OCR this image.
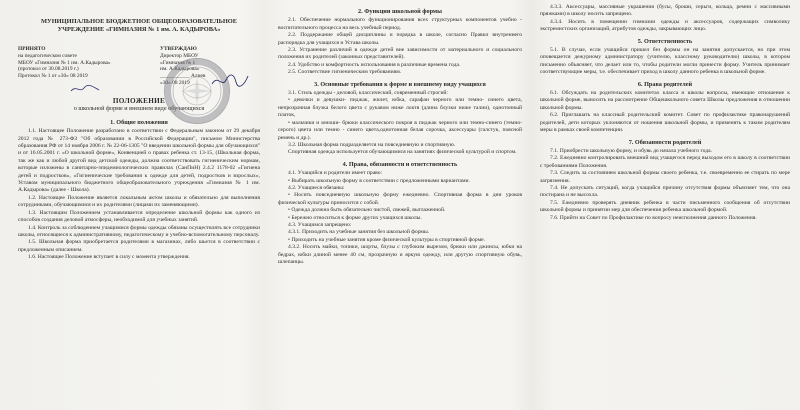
МУНИЦИПАЛЬНОЕ БЮДЖЕТНОЕ ОБЩЕОБРАЗОВАТЕЛЬНОЕ УЧРЕЖДЕНИЕ «ГИМНАЗИЯ № 1 им. А. КАДЫРОВА»
ПРИНЯТО
на педагогическом совете
МБОУ «Гимназия № 1 им. А.Кадырова»
(протокол от 30.08.2019 г.)
Протокол № 1 от «30» 08 2019
УТВЕРЖДАЮ
Директор МБОУ
«Гимназия № 1
им. А.Кадырова»
___________ Алиев
«30» 08 2019
ПОЛОЖЕНИЕ
о школьной форме и внешнем виде обучающихся
1. Общие положения

1.1. Настоящее Положение разработано в соответствии с Федеральным законом от 29 декабря 2012 года № 273-ФЗ "Об образовании в Российской Федерации", письмом Министерства образования РФ от 14 ноября 2006 г. № 22-06-1305 "О введении школьной формы для обучающихся" и от 16.05.2001 г. «О школьной форме», Конвенцией о правах ребенка ст. 13-15, (Школьная форма, так же как и любой другой вид детской одежды, должна соответствовать гигиеническим нормам, которые изложены в санитарно-эпидемиологических правилах (СанПиН) 2.4.2 1178-02 «Гигиена детей и подростков», «Гигиенические требования к одежде для детей, подростков и взрослых», Уставом муниципального бюджетного общеобразовательного учреждения «Гимназия № 1 им. А.Кадырова» (далее - Школа).

1.2. Настоящее Положение является локальным актом школы и обязательно для выполнения сотрудниками, обучающимися и их родителями (лицами их заменяющими).

1.3. Настоящим Положением устанавливается определение школьной формы как одного из способов создания деловой атмосферы, необходимой для учебных занятий.

1.4. Контроль за соблюдением учащимися формы одежды обязаны осуществлять все сотрудники школы, относящиеся к административному, педагогическому и учебно-вспомогательному персоналу.

1.5. Школьная форма приобретается родителями в магазинах, либо шьется в соответствии с предложенным описанием.

1.6. Настоящее Положение вступает в силу с момента утверждения.

2. Функции школьной формы

2.1. Обеспечение нормального функционирования всех структурных компонентов учебно - воспитательного процесса на весь учебный период.

2.2. Поддержание общей дисциплины и порядка в школе, согласно Правил внутреннего распорядка для учащихся и Устава школы.

2.3. Устранение различий в одежде детей вне зависимости от материального и социального положения их родителей (законных представителей).

2.4. Удобство и комфортность использования в различные времена года.

2.5. Соответствие гигиеническим требованиям.

3. Основные требования к форме и внешнему виду учащихся

3.1. Стиль одежды - деловой, классический, современный строгий:

• девочки и девушки- пиджак, жилет, юбка, сарафан черного или темно- синего цвета, непрозрачная блузка белого цвета с рукавом ниже локтя (длина блузки ниже талии), однотонный платок,

• мальчики и юноши- брюки классического покроя в пиджак черного или темно-синего (темно-серого) цвета или темно - синего цвета,однотонная белая сорочка, аксессуары (галстук, поясной ремень и др.).

3.2. Школьная форма подразделяется на повседневную и спортивную.

Спортивная одежда используется обучающимися на занятиях физической культурой и спортом.

4. Права, обязанности и ответственность

4.1. Учащийся и родители имеет право:

• Выбирать школьную форму в соответствии с предложенными вариантами.

4.2. Учащиеся обязаны:

• Носить повседневную школьную форму ежедневно. Спортивная форма в дни уроков физической культуры приносится с собой.

• Одежда должна быть обязательно чистой, свежей, выглаженной.

• Бережно относиться к форме других учащихся школы.

4.3. Учащимся запрещено:

4.3.1. Приходить на учебные занятия без школьной формы.

• Приходить на учебные занятия кроме физической культуры в спортивной форме.

4.3.2. Носить майки, топики, шорты, блузы с глубоким вырезом, брюки или джинсы, юбки на бедрах, юбки длиной менее 40 см, прозрачную и яркую одежду, или другую спортивную обувь, шлепанцы.

4.3.3. Аксессуары, массивные украшения (бусы, броши, серьги, кольца, ремни с массивными пряжками) в школу носить запрещено.

4.3.4. Носить в помещении гимназии одежды и аксессуаров, содержащих символику экстремистских организаций, атрибутов одежды, закрывающих лицо.

5. Ответственность

5.1. В случае, если учащийся пришел без формы он на занятия допускается, но при этом оповещается дежурному администратору (учителю, классному руководителю) школы, в котором письменно объясняет, что делает или то, чтобы родители могли принести форму. Учитель принимает соответствующие меры, т.е. обеспечивает приход в школу данного ребенка в школьной форме.

6. Права родителей

6.1. Обсуждать на родительских комитетах класса и школы вопросы, имеющие отношение к школьной форме, выносить на рассмотрение Общешкольного совета Школы предложения в отношении школьной формы.

6.2. Приглашать на классный родительский комитет. Совет по профилактике правонарушений родителей, дети которых уклоняются от ношения школьной формы, и применять к таким родителям меры в рамках своей компетенции.

7. Обязанности родителей

7.1. Приобрести школьную форму, и обувь до начала учебного года.

7.2. Ежедневно контролировать внешний вид учащегося перед выходом его в школу в соответствии с требованиями Положения.

7.3. Следить за состоянием школьной формы своего ребенка, т.е. своевременно ее стирать по мере загрязнения.

7.4. Не допускать ситуаций, когда учащийся причину отсутствия формы объясняет тем, что она постирана и не высохла.

7.5. Ежедневно проверять дневник ребенка в части письменного сообщения об отсутствии школьной формы и принятии мер для обеспечения ребенка школьной формой.

7.6. Прийти на Совет по Профилактике по вопросу неисполнения данного Положения.
